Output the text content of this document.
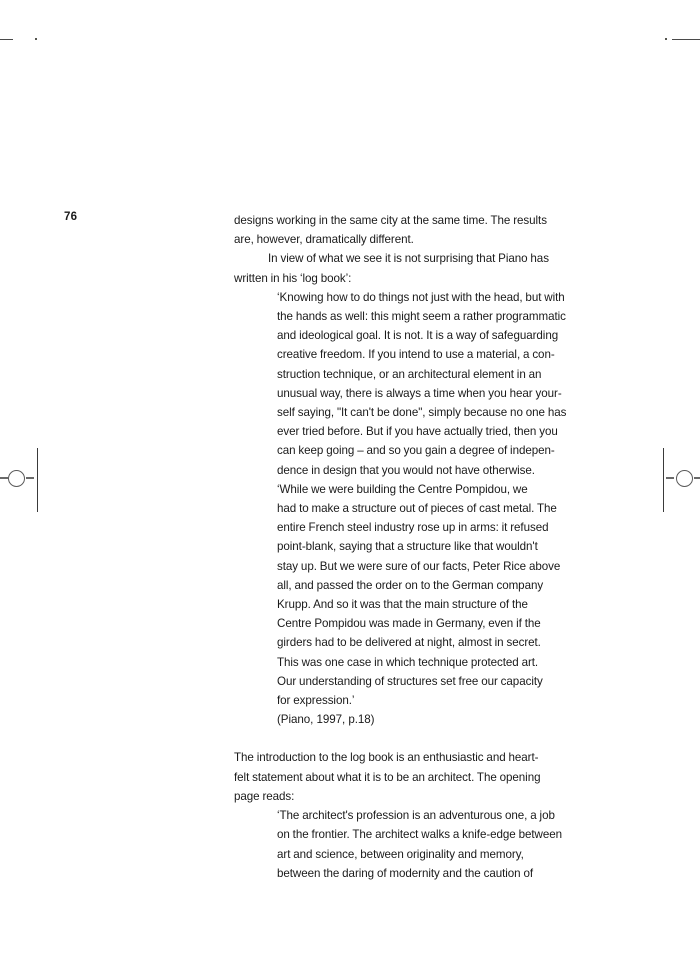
76	designs working in the same city at the same time. The results
are, however, dramatically different.

In view of what we see it is not surprising that Piano has
written in his ‘log book’:

‘Knowing how to do things not just with the head, but with
the hands as well: this might seem a rather programmatic
and ideological goal. It is not. It is a way of safeguarding
creative freedom. If you intend to use a material, a con-
struction technique, or an architectural element in an
unusual way, there is always a time when you hear your-
self saying, "It can't be done", simply because no one has
ever tried before. But if you have actually tried, then you
can keep going – and so you gain a degree of indepen-
dence in design that you would not have otherwise.
‘While we were building the Centre Pompidou, we
had to make a structure out of pieces of cast metal. The
entire French steel industry rose up in arms: it refused
point-blank, saying that a structure like that wouldn't
stay up. But we were sure of our facts, Peter Rice above
all, and passed the order on to the German company
Krupp. And so it was that the main structure of the
Centre Pompidou was made in Germany, even if the
girders had to be delivered at night, almost in secret.
This was one case in which technique protected art.
Our understanding of structures set free our capacity
for expression.’

(Piano, 1997, p.18)

The introduction to the log book is an enthusiastic and heart-
felt statement about what it is to be an architect. The opening
page reads:

‘The architect's profession is an adventurous one, a job
on the frontier. The architect walks a knife-edge between
art and science, between originality and memory,
between the daring of modernity and the caution of
